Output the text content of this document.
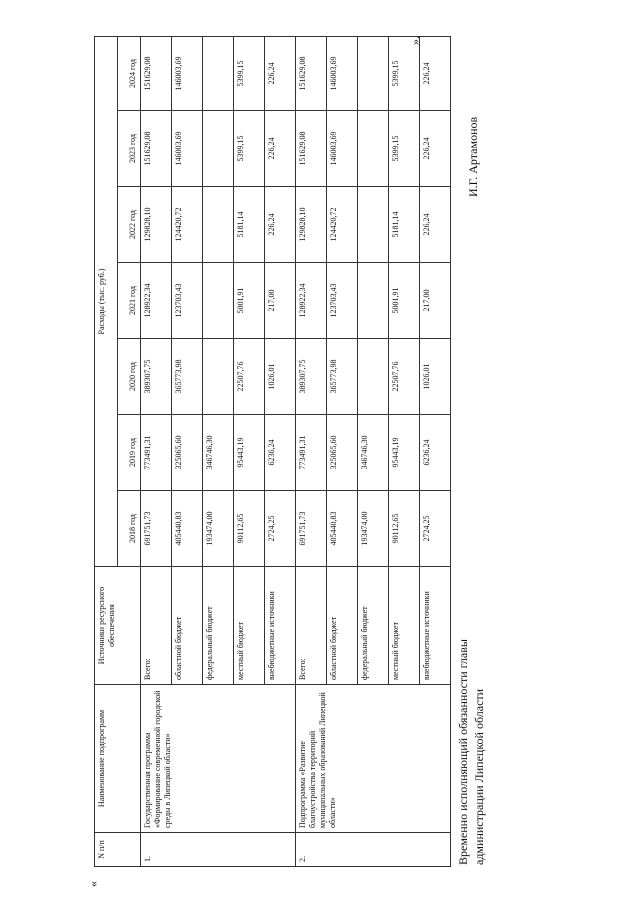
«
N п/п	Наименование подпрограмм	Источники ресурсного обеспечения	Расходы (тыс. руб.)						
			2018 год	2019 год	2020 год	2021 год	2022 год	2023 год	2024 год
1.	Государственная программа «Формирование современной городской среды в Липецкой области»	Всего:	691751,73	773491,31	389307,75	128922,34	129828,10	151629,08	151629,08
		областной бюджет	405440,83	325065,60	365773,98	123703,43	124420,72	146003,69	146003,69
		федеральный бюджет	193474,00	346746,30					
		местный бюджет	90112,65	95443,19	22507,76	5001,91	5181,14	5399,15	5399,15
		внебюджетные источники	2724,25	6236,24	1026,01	217,00	226,24	226,24	226,24
2.	Подпрограмма «Развитие благоустройства территорий муниципальных образований Липецкой области»	Всего:	691751,73	773491,31	389307,75	128922,34	129828,10	151629,08	151629,08
		областной бюджет	405440,83	325065,60	365773,98	123703,43	124420,72	146003,69	146003,69
		федеральный бюджет	193474,00	346746,30					
		местный бюджет	90112,65	95443,19	22507,76	5001,91	5181,14	5399,15	5399,15
		внебюджетные источники	2724,25	6236,24	1026,01	217,00	226,24	226,24	226,24
Временно исполняющий обязанности главы администрации Липецкой области
И.Г. Артамонов
».
